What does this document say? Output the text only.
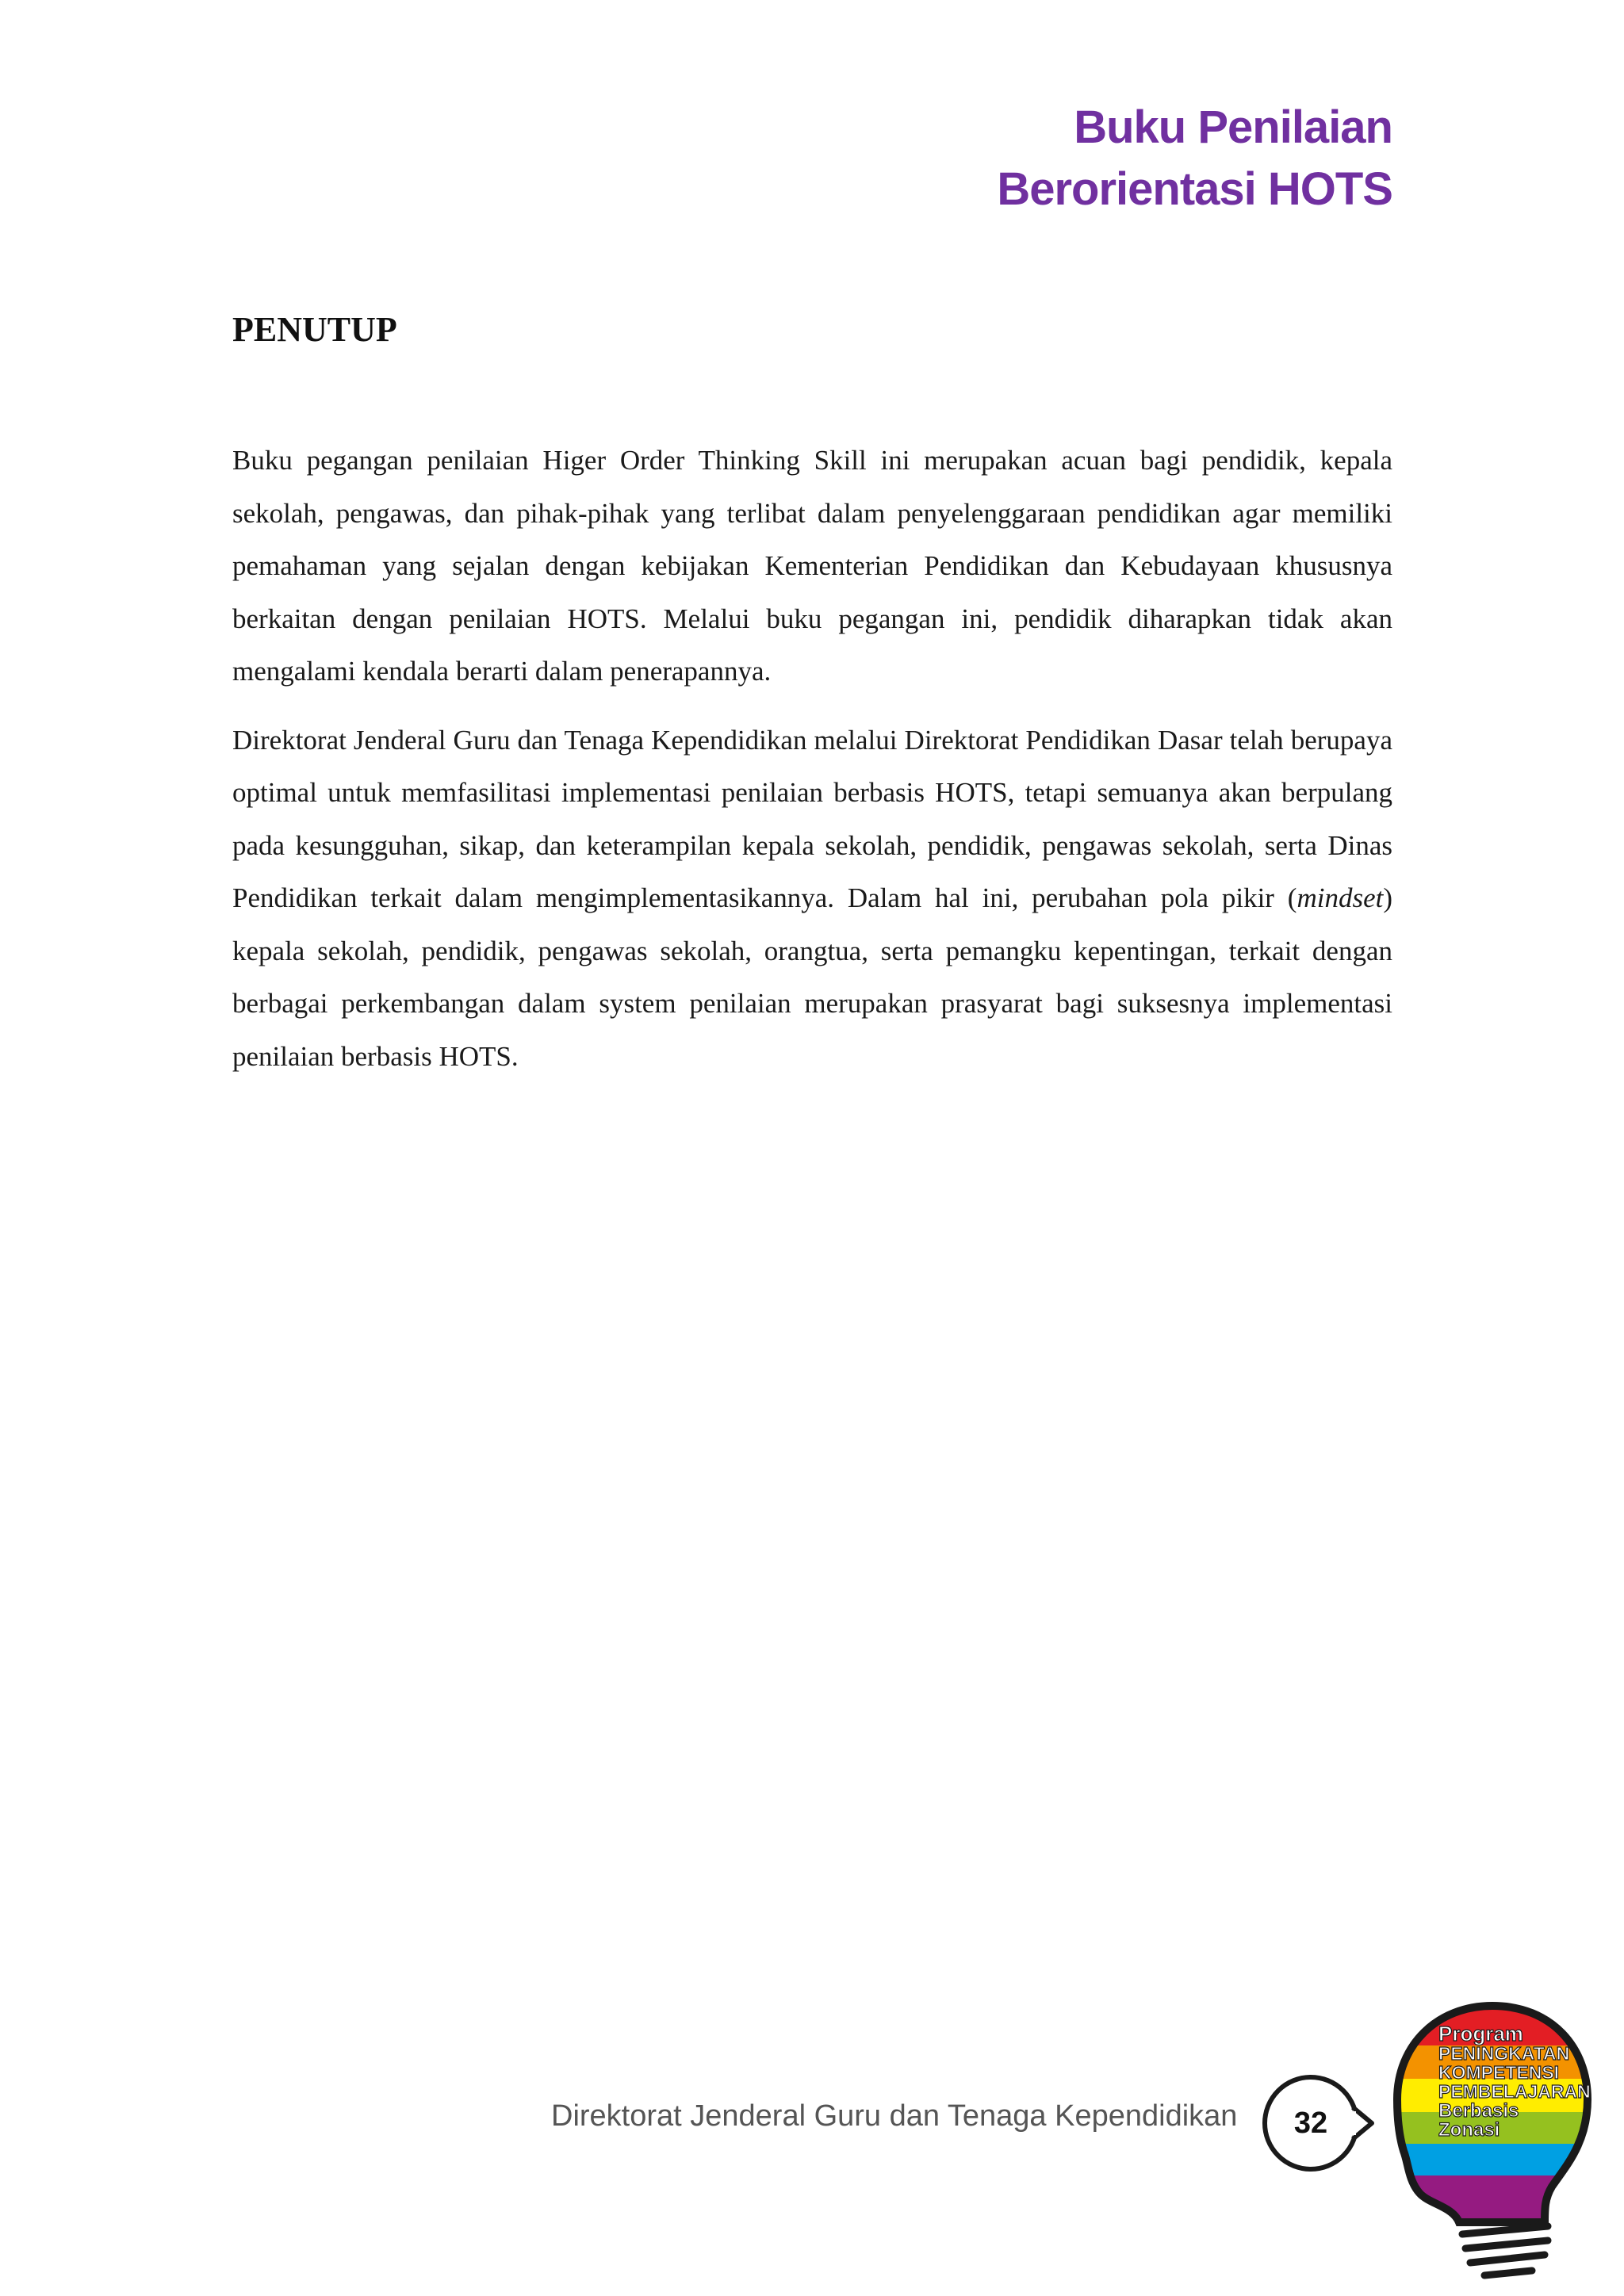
Buku Penilaian
Berorientasi HOTS
PENUTUP

Buku pegangan penilaian Higer Order Thinking Skill ini merupakan acuan bagi pendidik, kepala sekolah, pengawas, dan pihak-pihak yang terlibat dalam penyelenggaraan pendidikan agar memiliki pemahaman yang sejalan dengan kebijakan Kementerian Pendidikan dan Kebudayaan khususnya berkaitan dengan penilaian HOTS. Melalui buku pegangan ini, pendidik diharapkan tidak akan mengalami kendala berarti dalam penerapannya.

Direktorat Jenderal Guru dan Tenaga Kependidikan melalui Direktorat Pendidikan Dasar telah berupaya optimal untuk memfasilitasi implementasi penilaian berbasis HOTS, tetapi semuanya akan berpulang pada kesungguhan, sikap, dan keterampilan kepala sekolah, pendidik, pengawas sekolah, serta Dinas Pendidikan terkait dalam mengimplementasikannya. Dalam hal ini, perubahan pola pikir (mindset) kepala sekolah, pendidik, pengawas sekolah, orangtua, serta pemangku kepentingan, terkait dengan berbagai perkembangan dalam system penilaian merupakan prasyarat bagi suksesnya implementasi penilaian berbasis HOTS.

Direktorat Jenderal Guru dan Tenaga Kependidikan	32
Program
PENINGKATAN
KOMPETENSI
PEMBELAJARAN
Berbasis
Zonasi
